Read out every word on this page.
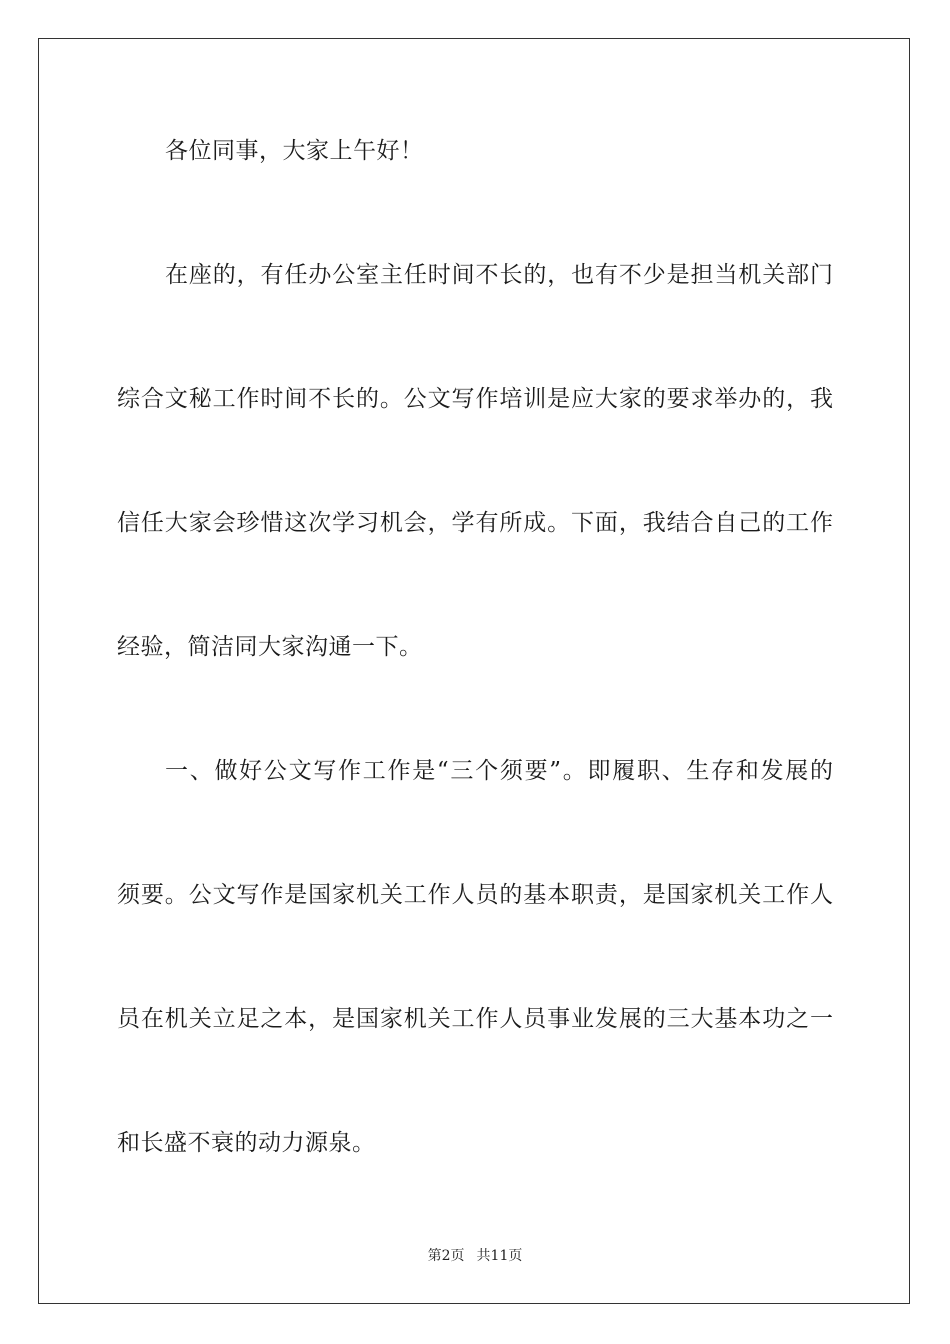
各位同事，大家上午好！
在座的，有任办公室主任时间不长的，也有不少是担当机关部门
综合文秘工作时间不长的。公文写作培训是应大家的要求举办的，我
信任大家会珍惜这次学习机会，学有所成。下面，我结合自己的工作
经验，简洁同大家沟通一下。
一、做好公文写作工作是“三个须要”。即履职、生存和发展的
须要。公文写作是国家机关工作人员的基本职责，是国家机关工作人
员在机关立足之本，是国家机关工作人员事业发展的三大基本功之一
和长盛不衰的动力源泉。
第2页 共11页
